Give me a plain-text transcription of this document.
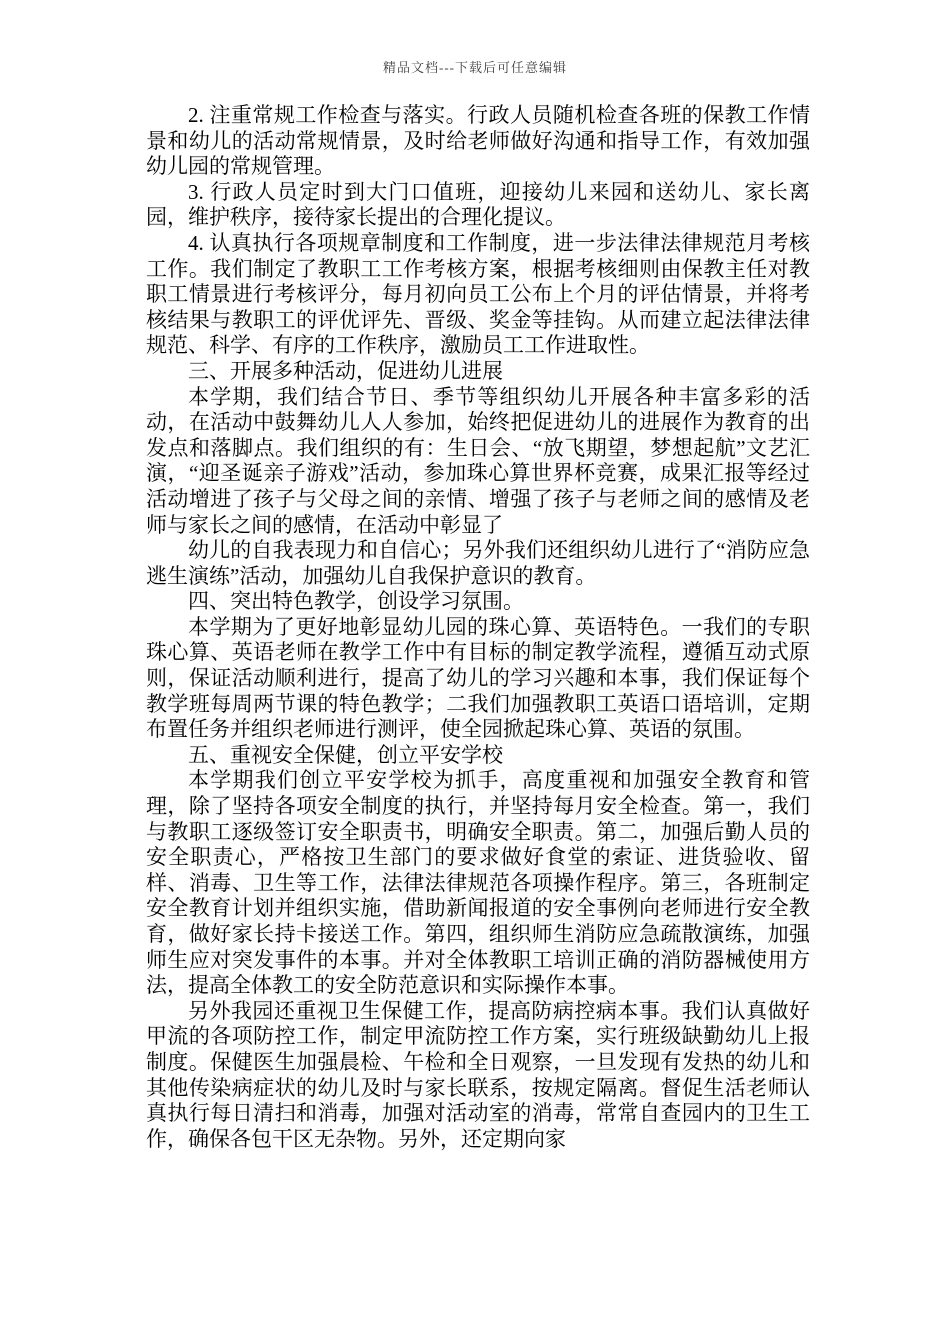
精品文档---下载后可任意编辑

2. 注重常规工作检查与落实。行政人员随机检查各班的保教工作情景和幼儿的活动常规情景，及时给老师做好沟通和指导工作，有效加强幼儿园的常规管理。

3. 行政人员定时到大门口值班，迎接幼儿来园和送幼儿、家长离园，维护秩序，接待家长提出的合理化提议。

4. 认真执行各项规章制度和工作制度，进一步法律法律规范月考核工作。我们制定了教职工工作考核方案，根据考核细则由保教主任对教职工情景进行考核评分，每月初向员工公布上个月的评估情景，并将考核结果与教职工的评优评先、晋级、奖金等挂钩。从而建立起法律法律规范、科学、有序的工作秩序，激励员工工作进取性。

三、开展多种活动，促进幼儿进展

本学期，我们结合节日、季节等组织幼儿开展各种丰富多彩的活动，在活动中鼓舞幼儿人人参加，始终把促进幼儿的进展作为教育的出发点和落脚点。我们组织的有：生日会、“放飞期望，梦想起航”文艺汇演，“迎圣诞亲子游戏”活动，参加珠心算世界杯竞赛，成果汇报等经过活动增进了孩子与父母之间的亲情、增强了孩子与老师之间的感情及老师与家长之间的感情，在活动中彰显了

幼儿的自我表现力和自信心；另外我们还组织幼儿进行了“消防应急逃生演练”活动，加强幼儿自我保护意识的教育。

四、突出特色教学，创设学习氛围。

本学期为了更好地彰显幼儿园的珠心算、英语特色。一我们的专职珠心算、英语老师在教学工作中有目标的制定教学流程，遵循互动式原则，保证活动顺利进行，提高了幼儿的学习兴趣和本事，我们保证每个教学班每周两节课的特色教学；二我们加强教职工英语口语培训，定期布置任务并组织老师进行测评，使全园掀起珠心算、英语的氛围。

五、重视安全保健，创立平安学校

本学期我们创立平安学校为抓手，高度重视和加强安全教育和管理，除了坚持各项安全制度的执行，并坚持每月安全检查。第一，我们与教职工逐级签订安全职责书，明确安全职责。第二，加强后勤人员的安全职责心，严格按卫生部门的要求做好食堂的索证、进货验收、留样、消毒、卫生等工作，法律法律规范各项操作程序。第三，各班制定安全教育计划并组织实施，借助新闻报道的安全事例向老师进行安全教育，做好家长持卡接送工作。第四，组织师生消防应急疏散演练，加强师生应对突发事件的本事。并对全体教职工培训正确的消防器械使用方法，提高全体教工的安全防范意识和实际操作本事。

另外我园还重视卫生保健工作，提高防病控病本事。我们认真做好甲流的各项防控工作，制定甲流防控工作方案，实行班级缺勤幼儿上报制度。保健医生加强晨检、午检和全日观察，一旦发现有发热的幼儿和其他传染病症状的幼儿及时与家长联系，按规定隔离。督促生活老师认真执行每日清扫和消毒，加强对活动室的消毒，常常自查园内的卫生工作，确保各包干区无杂物。另外，还定期向家
